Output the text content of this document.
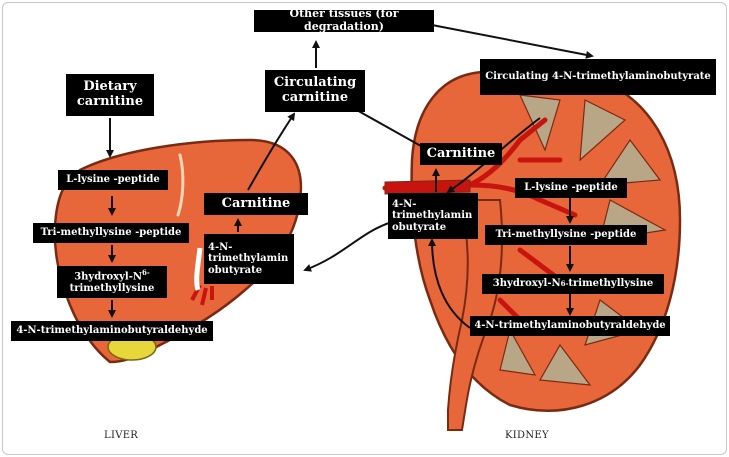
Other tissues (for degradation)
Dietary
carnitine
Circulating
carnitine
Circulating 4-N-trimethylaminobutyrate
L-lysine -peptide
Tri-methyllysine -peptide
$3hydroxyl-N^{6-}$
trimethyllysine
4-N-trimethylaminobutyraldehyde
Carnitine
4-N-
trimethylamin
obutyrate
Carnitine
4-N-
trimethylamin
obutyrate
L-lysine -peptide
Tri-methyllysine -peptide
3hydroxyl-N 6- trimethyllysine
4-N-trimethylaminobutyraldehyde
LIVER	KIDNEY
